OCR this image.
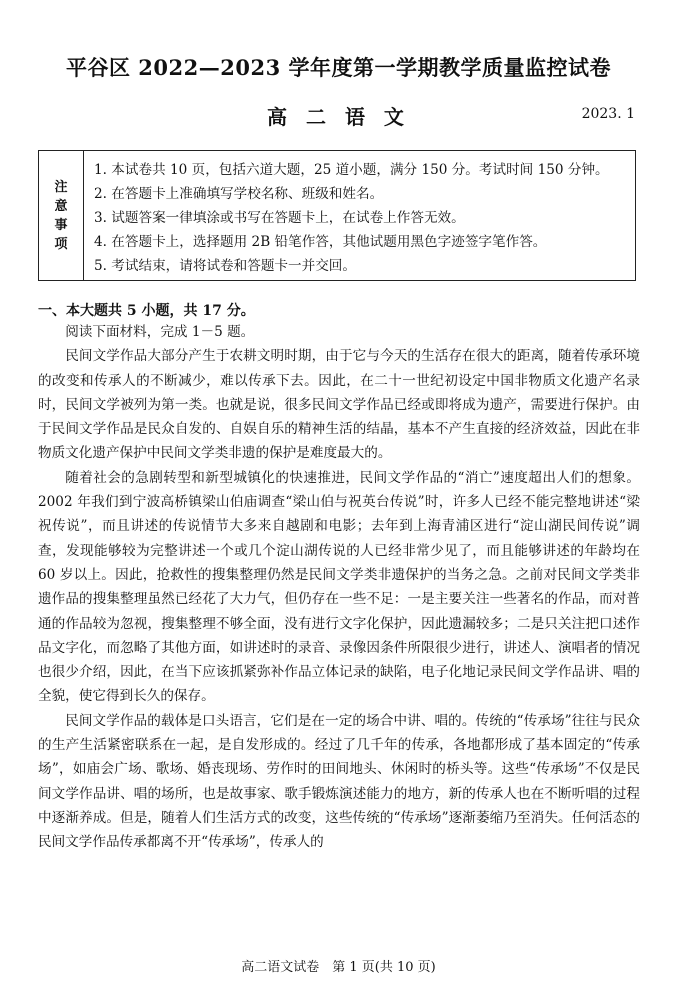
平谷区 2022—2023 学年度第一学期教学质量监控试卷
高 二 语 文	2023. 1
注
意
事
项
1. 本试卷共 10 页，包括六道大题，25 道小题，满分 150 分。考试时间 150 分钟。
2. 在答题卡上准确填写学校名称、班级和姓名。
3. 试题答案一律填涂或书写在答题卡上，在试卷上作答无效。
4. 在答题卡上，选择题用 2B 铅笔作答，其他试题用黑色字迹签字笔作答。
5. 考试结束，请将试卷和答题卡一并交回。
一、本大题共 5 小题，共 17 分。

阅读下面材料，完成 1－5 题。

民间文学作品大部分产生于农耕文明时期，由于它与今天的生活存在很大的距离，随着传承环境的改变和传承人的不断减少，难以传承下去。因此，在二十一世纪初设定中国非物质文化遗产名录时，民间文学被列为第一类。也就是说，很多民间文学作品已经或即将成为遗产，需要进行保护。由于民间文学作品是民众自发的、自娱自乐的精神生活的结晶，基本不产生直接的经济效益，因此在非物质文化遗产保护中民间文学类非遗的保护是难度最大的。

随着社会的急剧转型和新型城镇化的快速推进，民间文学作品的“消亡”速度超出人们的想象。2002 年我们到宁波高桥镇梁山伯庙调查“梁山伯与祝英台传说”时，许多人已经不能完整地讲述“梁祝传说”，而且讲述的传说情节大多来自越剧和电影；去年到上海青浦区进行“淀山湖民间传说”调查，发现能够较为完整讲述一个或几个淀山湖传说的人已经非常少见了，而且能够讲述的年龄均在 60 岁以上。因此，抢救性的搜集整理仍然是民间文学类非遗保护的当务之急。之前对民间文学类非遗作品的搜集整理虽然已经花了大力气，但仍存在一些不足：一是主要关注一些著名的作品，而对普通的作品较为忽视，搜集整理不够全面，没有进行文字化保护，因此遗漏较多；二是只关注把口述作品文字化，而忽略了其他方面，如讲述时的录音、录像因条件所限很少进行，讲述人、演唱者的情况也很少介绍，因此，在当下应该抓紧弥补作品立体记录的缺陷，电子化地记录民间文学作品讲、唱的全貌，使它得到长久的保存。

民间文学作品的载体是口头语言，它们是在一定的场合中讲、唱的。传统的“传承场”往往与民众的生产生活紧密联系在一起，是自发形成的。经过了几千年的传承，各地都形成了基本固定的“传承场”，如庙会广场、歌场、婚丧现场、劳作时的田间地头、休闲时的桥头等。这些“传承场”不仅是民间文学作品讲、唱的场所，也是故事家、歌手锻炼演述能力的地方，新的传承人也在不断听唱的过程中逐渐养成。但是，随着人们生活方式的改变，这些传统的“传承场”逐渐萎缩乃至消失。任何活态的民间文学作品传承都离不开“传承场”，传承人的

高二语文试卷　第 1 页(共 10 页)
